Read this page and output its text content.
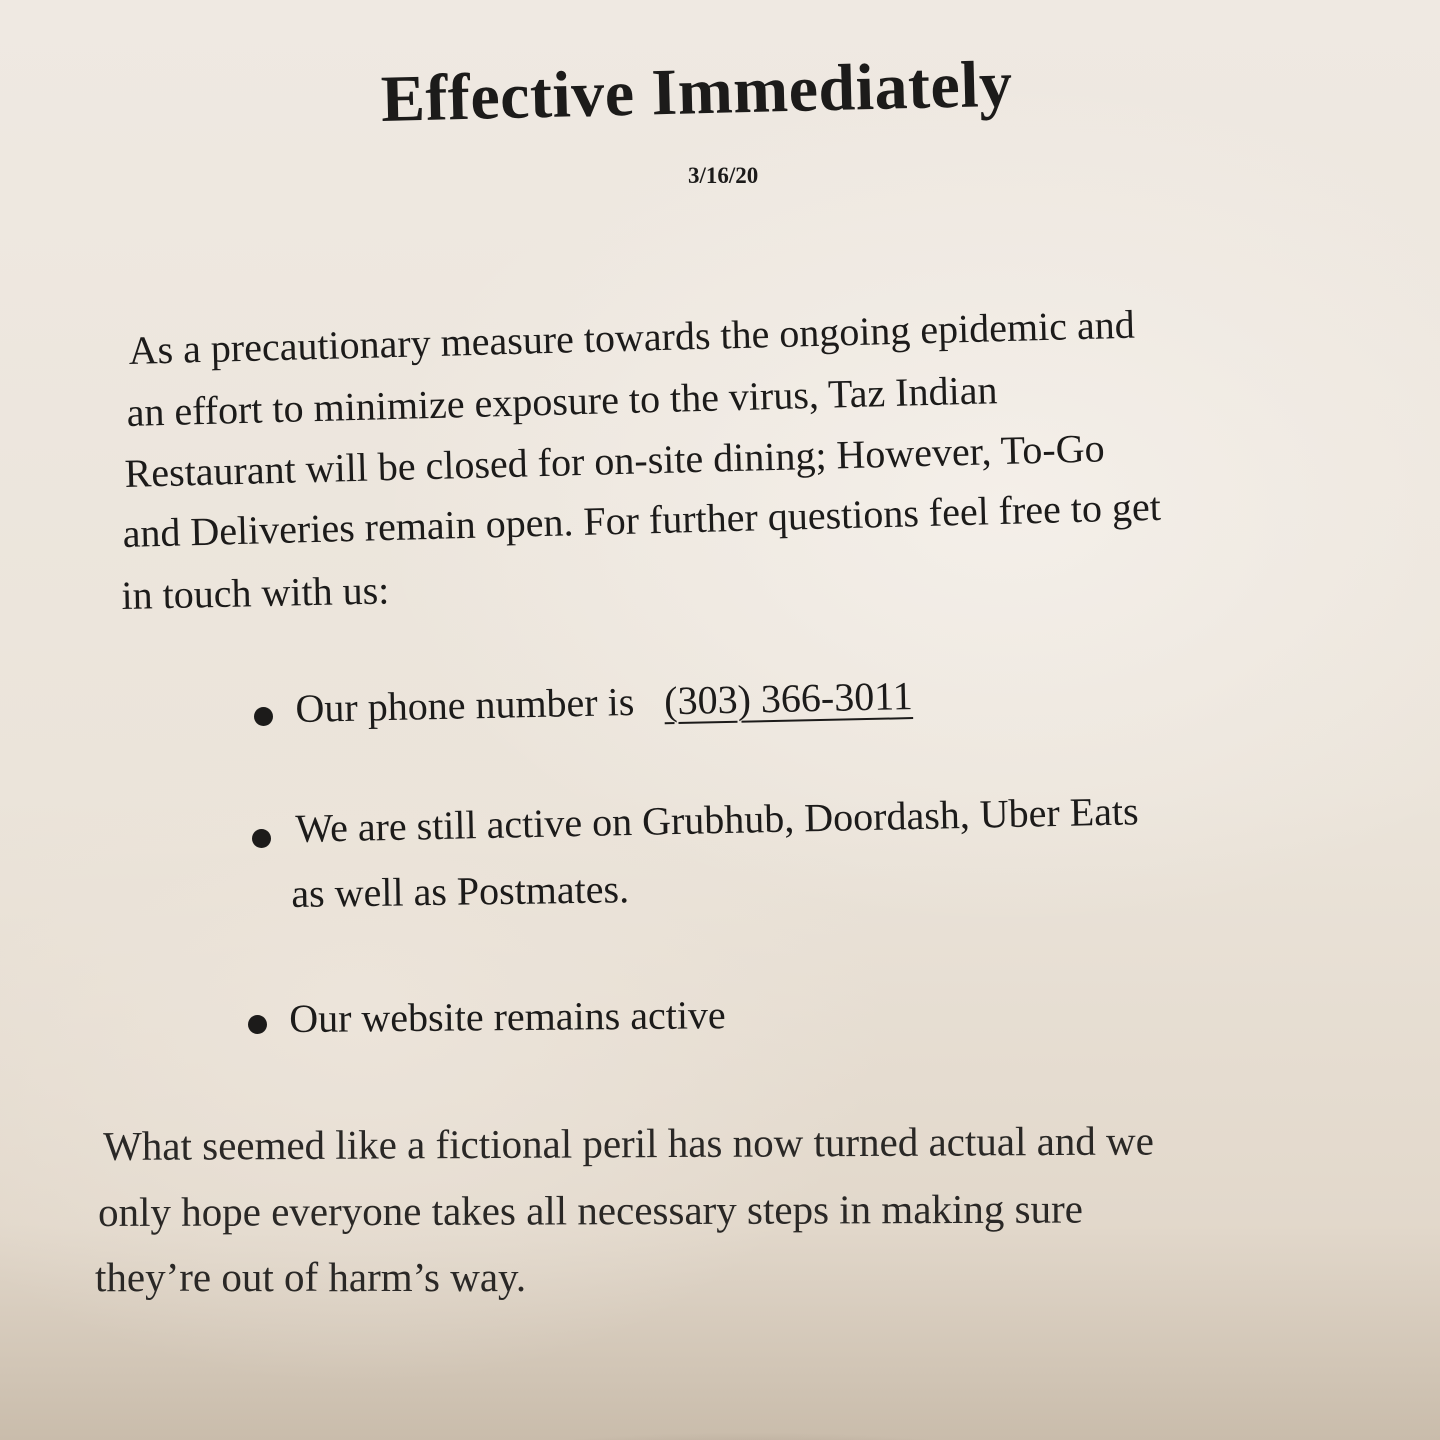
Effective Immediately
3/16/20
As a precautionary measure towards the ongoing epidemic and
an effort to minimize exposure to the virus, Taz Indian
Restaurant will be closed for on-site dining; However, To-Go
and Deliveries remain open. For further questions feel free to get
in touch with us:
Our phone number is (303) 366-3011
We are still active on Grubhub, Doordash, Uber Eats
as well as Postmates.
Our website remains active
What seemed like a fictional peril has now turned actual and we
only hope everyone takes all necessary steps in making sure
they’re out of harm’s way.
